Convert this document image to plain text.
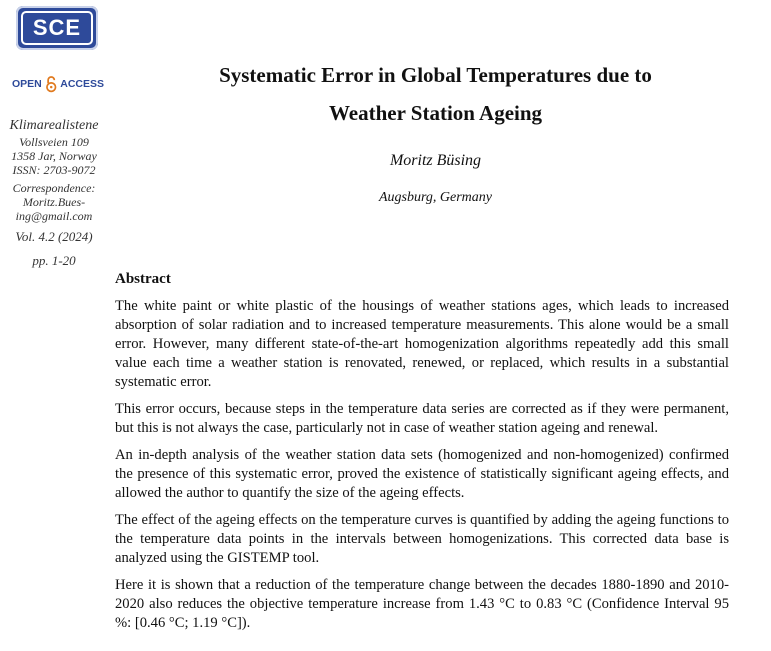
SCE
OPEN ACCESS
Klimarealistene
Vollsveien 109
1358 Jar, Norway
ISSN: 2703-9072
Correspondence:
Moritz.Bues-
ing@gmail.com
Vol. 4.2 (2024)
pp. 1-20
Systematic Error in Global Temperatures due to
Weather Station Ageing
Moritz Büsing
Augsburg, Germany
Abstract

The white paint or white plastic of the housings of weather stations ages, which leads to increased absorption of solar radiation and to increased temperature measurements. This alone would be a small error. However, many different state-of-the-art homogenization algorithms repeatedly add this small value each time a weather station is renovated, renewed, or replaced, which results in a substantial systematic error.

This error occurs, because steps in the temperature data series are corrected as if they were permanent, but this is not always the case, particularly not in case of weather station ageing and renewal.

An in-depth analysis of the weather station data sets (homogenized and non-homogenized) confirmed the presence of this systematic error, proved the existence of statistically significant ageing effects, and allowed the author to quantify the size of the ageing effects.

The effect of the ageing effects on the temperature curves is quantified by adding the ageing functions to the temperature data points in the intervals between homogenizations. This corrected data base is analyzed using the GISTEMP tool.

Here it is shown that a reduction of the temperature change between the decades 1880-1890 and 2010-2020 also reduces the objective temperature increase from 1.43 °C to 0.83 °C (Confidence Interval 95 %: [0.46 °C; 1.19 °C]).
